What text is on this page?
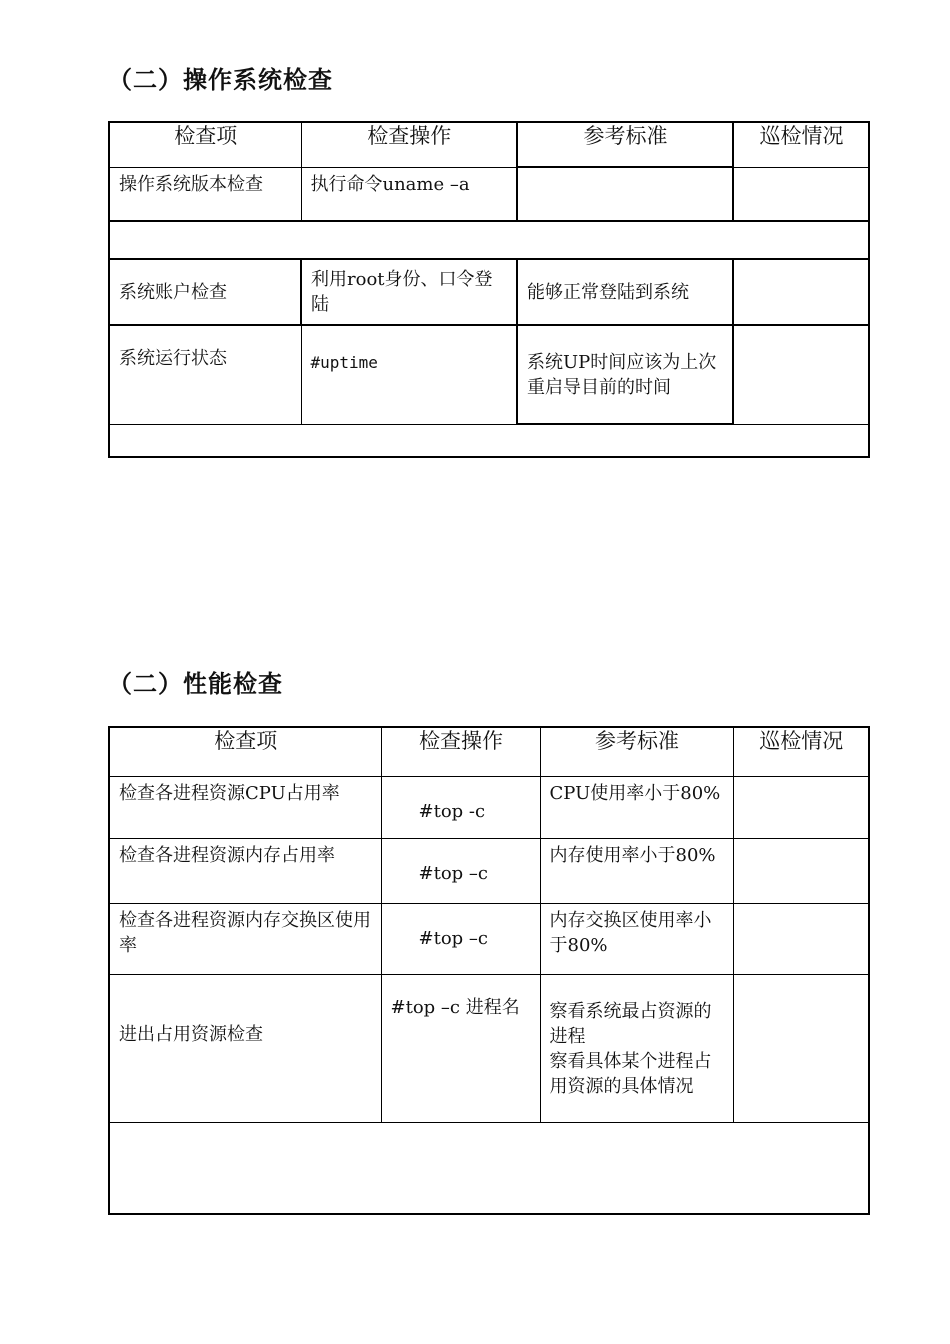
（二）操作系统检查
检查项	检查操作	参考标准	巡检情况

操作系统版本检查	执行命令uname –a		

系统账户检查	利用root身份、口令登陆	能够正常登陆到系统	

系统运行状态	#uptime	系统UP时间应该为上次重启导目前的时间	

（二）性能检查
检查项	检查操作	参考标准	巡检情况

检查各进程资源CPU占用率	#top -c	CPU使用率小于80%	

检查各进程资源内存占用率	#top –c	内存使用率小于80%	

检查各进程资源内存交换区使用率	#top –c	内存交换区使用率小于80%	

进出占用资源检查	#top –c 进程名	察看系统最占资源的进程
察看具体某个进程占用资源的具体情况	
